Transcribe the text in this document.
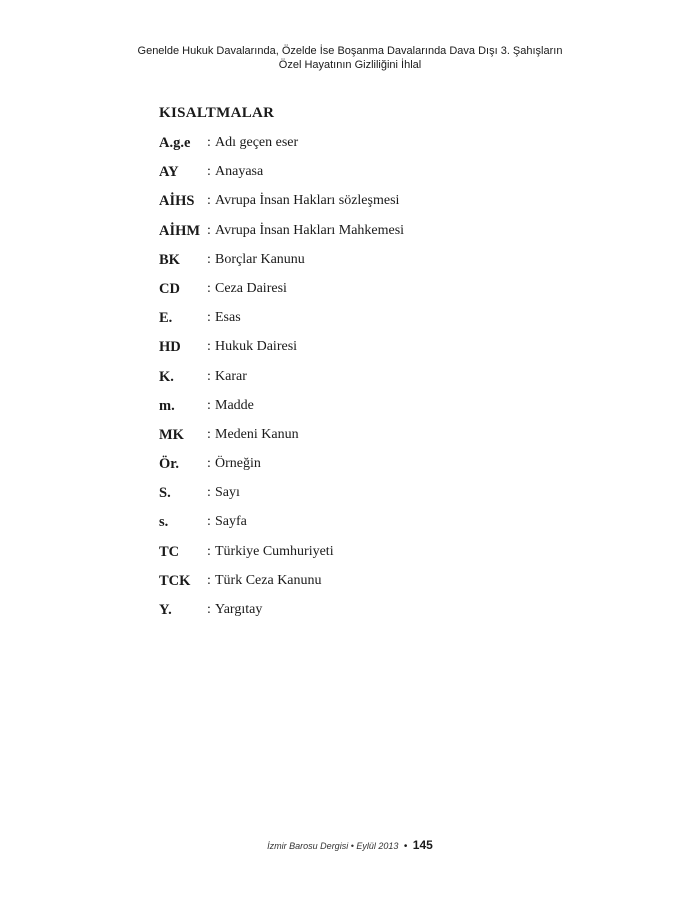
Genelde Hukuk Davalarında, Özelde İse Boşanma Davalarında Dava Dışı 3. Şahışların
Özel Hayatının Gizliliğini İhlal
KISALTMALAR
A.g.e	: Adı geçen eser
AY	: Anayasa
AİHS : Avrupa İnsan Hakları sözleşmesi
AİHM : Avrupa İnsan Hakları Mahkemesi
BK	: Borçlar Kanunu
CD	: Ceza Dairesi
E.	: Esas
HD	: Hukuk Dairesi
K.	: Karar
m.	: Madde
MK	: Medeni Kanun
Ör.	: Örneğin
S.	: Sayı
s.	: Sayfa
TC	: Türkiye Cumhuriyeti
TCK	: Türk Ceza Kanunu
Y.	: Yargıtay
İzmir Barosu Dergisi • Eylül 2013 • 145
